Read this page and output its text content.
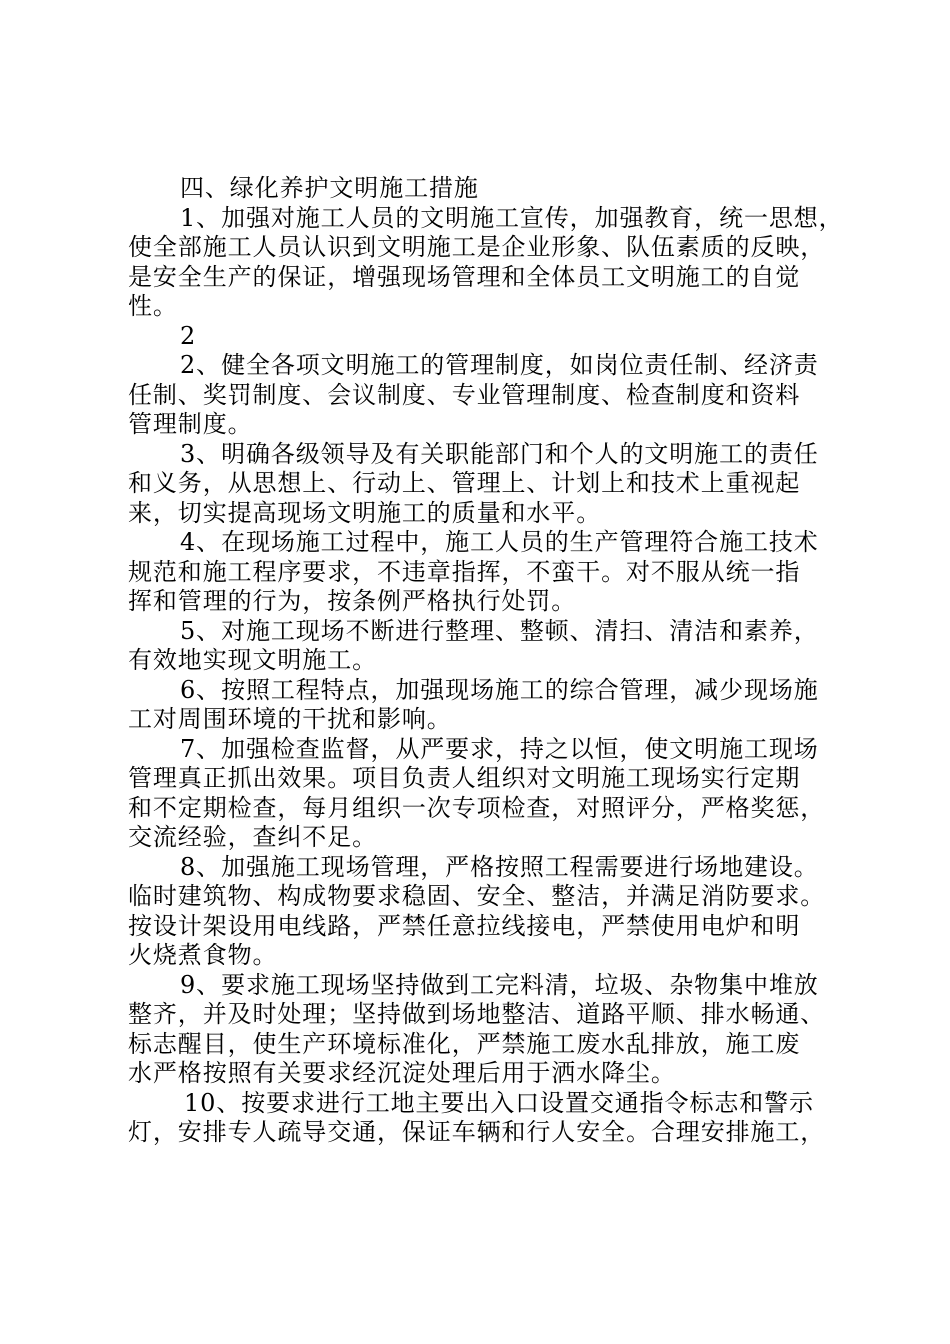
四、绿化养护文明施工措施
1、加强对施工人员的文明施工宣传，加强教育，统一思想，
使全部施工人员认识到文明施工是企业形象、队伍素质的反映，
是安全生产的保证，增强现场管理和全体员工文明施工的自觉
性。
2
2、健全各项文明施工的管理制度，如岗位责任制、经济责
任制、奖罚制度、会议制度、专业管理制度、检查制度和资料
管理制度。
3、明确各级领导及有关职能部门和个人的文明施工的责任
和义务，从思想上、行动上、管理上、计划上和技术上重视起
来，切实提高现场文明施工的质量和水平。
4、在现场施工过程中，施工人员的生产管理符合施工技术
规范和施工程序要求，不违章指挥，不蛮干。对不服从统一指
挥和管理的行为，按条例严格执行处罚。
5、对施工现场不断进行整理、整顿、清扫、清洁和素养，
有效地实现文明施工。
6、按照工程特点，加强现场施工的综合管理，减少现场施
工对周围环境的干扰和影响。
7、加强检查监督，从严要求，持之以恒，使文明施工现场
管理真正抓出效果。项目负责人组织对文明施工现场实行定期
和不定期检查，每月组织一次专项检查，对照评分，严格奖惩，
交流经验，查纠不足。
8、加强施工现场管理，严格按照工程需要进行场地建设。
临时建筑物、构成物要求稳固、安全、整洁，并满足消防要求。
按设计架设用电线路，严禁任意拉线接电，严禁使用电炉和明
火烧煮食物。
9、要求施工现场坚持做到工完料清，垃圾、杂物集中堆放
整齐，并及时处理；坚持做到场地整洁、道路平顺、排水畅通、
标志醒目，使生产环境标准化，严禁施工废水乱排放，施工废
水严格按照有关要求经沉淀处理后用于洒水降尘。
10、按要求进行工地主要出入口设置交通指令标志和警示
灯，安排专人疏导交通，保证车辆和行人安全。合理安排施工，
